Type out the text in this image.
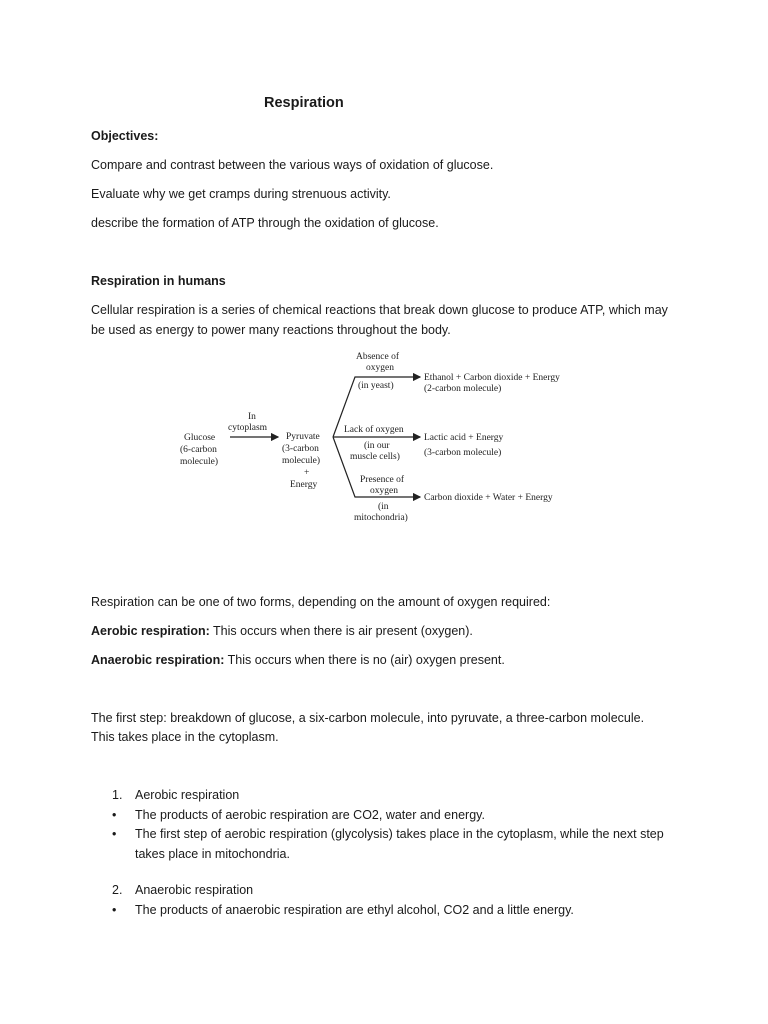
Respiration
Objectives:
Compare and contrast between the various ways of oxidation of glucose.
Evaluate why we get cramps during strenuous activity.
describe the formation of ATP through the oxidation of glucose.
Respiration in humans
Cellular respiration is a series of chemical reactions that break down glucose to produce ATP, which may
be used as energy to power many reactions throughout the body.
Glucose
(6-carbon
molecule)
In
cytoplasm
Pyruvate
(3-carbon
molecule)
+
Energy
Absence of
oxygen
(in yeast)
Ethanol + Carbon dioxide + Energy
(2-carbon molecule)
Lack of oxygen
(in our
muscle cells)
Lactic acid + Energy
(3-carbon molecule)
Presence of
oxygen
(in
mitochondria)
Carbon dioxide + Water + Energy
Respiration can be one of two forms, depending on the amount of oxygen required:
Aerobic respiration: This occurs when there is air present (oxygen).
Anaerobic respiration: This occurs when there is no (air) oxygen present.
The first step: breakdown of glucose, a six-carbon molecule, into pyruvate, a three-carbon molecule.
This takes place in the cytoplasm.
1. Aerobic respiration
• The products of aerobic respiration are CO2, water and energy.
• The first step of aerobic respiration (glycolysis) takes place in the cytoplasm, while the next step
takes place in mitochondria.
2. Anaerobic respiration
• The products of anaerobic respiration are ethyl alcohol, CO2 and a little energy.
